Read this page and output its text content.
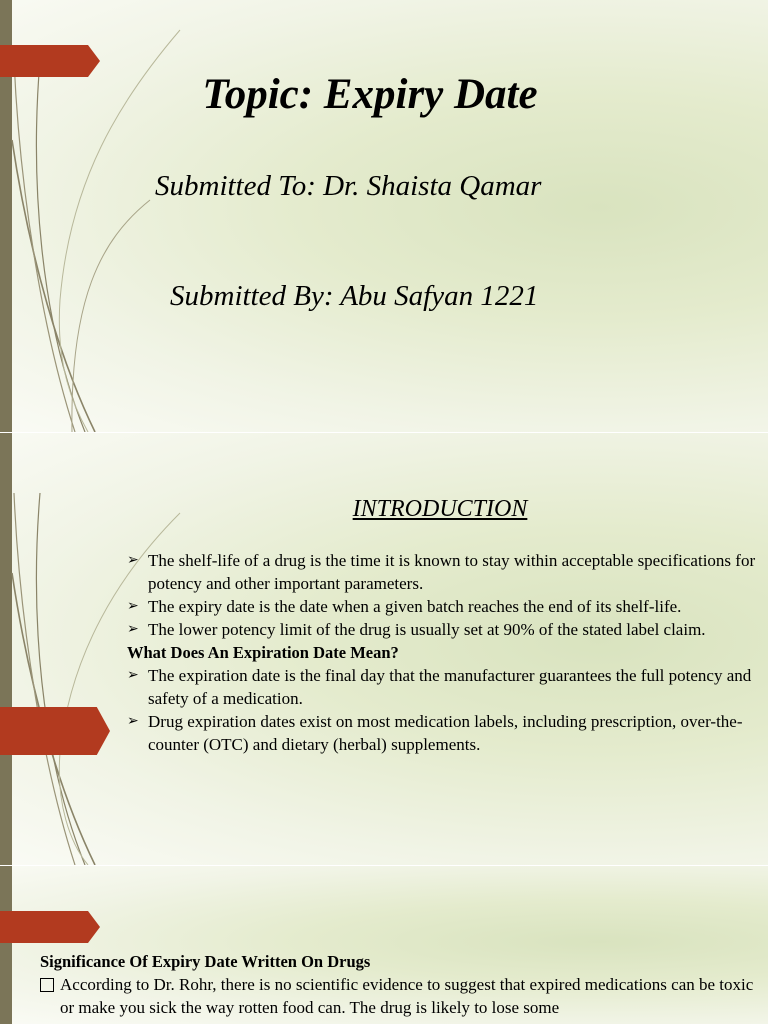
Topic: Expiry Date
Submitted To: Dr. Shaista Qamar
Submitted By: Abu Safyan 1221
INTRODUCTION
➢ The shelf-life of a drug is the time it is known to stay within acceptable specifications for potency and other important parameters.
➢ The expiry date is the date when a given batch reaches the end of its shelf-life.
➢ The lower potency limit of the drug is usually set at 90% of the stated label claim.
What Does An Expiration Date Mean?
➢ The expiration date is the final day that the manufacturer guarantees the full potency and safety of a medication.
➢ Drug expiration dates exist on most medication labels, including prescription, over-the-counter (OTC) and dietary (herbal) supplements.
Significance Of Expiry Date Written On Drugs
According to Dr. Rohr, there is no scientific evidence to suggest that expired medications can be toxic or make you sick the way rotten food can. The drug is likely to lose some
